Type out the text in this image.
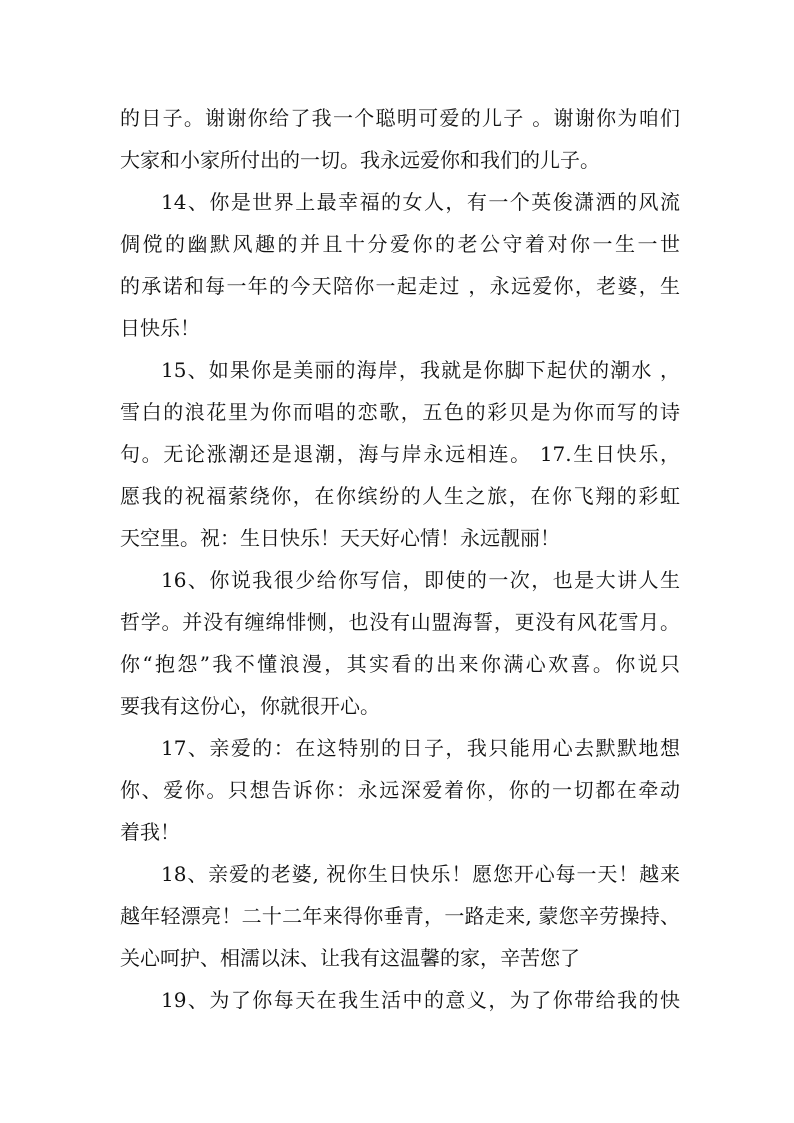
的日子。谢谢你给了我一个聪明可爱的儿子 。谢谢你为咱们
大家和小家所付出的一切。我永远爱你和我们的儿子。
14、你是世界上最幸福的女人，有一个英俊潇洒的风流
倜傥的幽默风趣的并且十分爱你的老公守着对你一生一世
的承诺和每一年的今天陪你一起走过 ，永远爱你，老婆，生
日快乐！
15、如果你是美丽的海岸，我就是你脚下起伏的潮水 ，
雪白的浪花里为你而唱的恋歌，五色的彩贝是为你而写的诗
句。无论涨潮还是退潮，海与岸永远相连。 17.生日快乐，
愿我的祝福萦绕你，在你缤纷的人生之旅，在你飞翔的彩虹
天空里。祝：生日快乐！天天好心情！永远靓丽！
16、你说我很少给你写信，即使的一次，也是大讲人生
哲学。并没有缠绵悱恻，也没有山盟海誓，更没有风花雪月。
你“抱怨”我不懂浪漫，其实看的出来你满心欢喜。你说只
要我有这份心，你就很开心。
17、亲爱的：在这特别的日子，我只能用心去默默地想
你、爱你。只想告诉你：永远深爱着你，你的一切都在牵动
着我！
18、亲爱的老婆, 祝你生日快乐！愿您开心每一天！越来
越年轻漂亮！二十二年来得你垂青，一路走来, 蒙您辛劳操持、
关心呵护、相濡以沫、让我有这温馨的家，辛苦您了
19、为了你每天在我生活中的意义，为了你带给我的快
